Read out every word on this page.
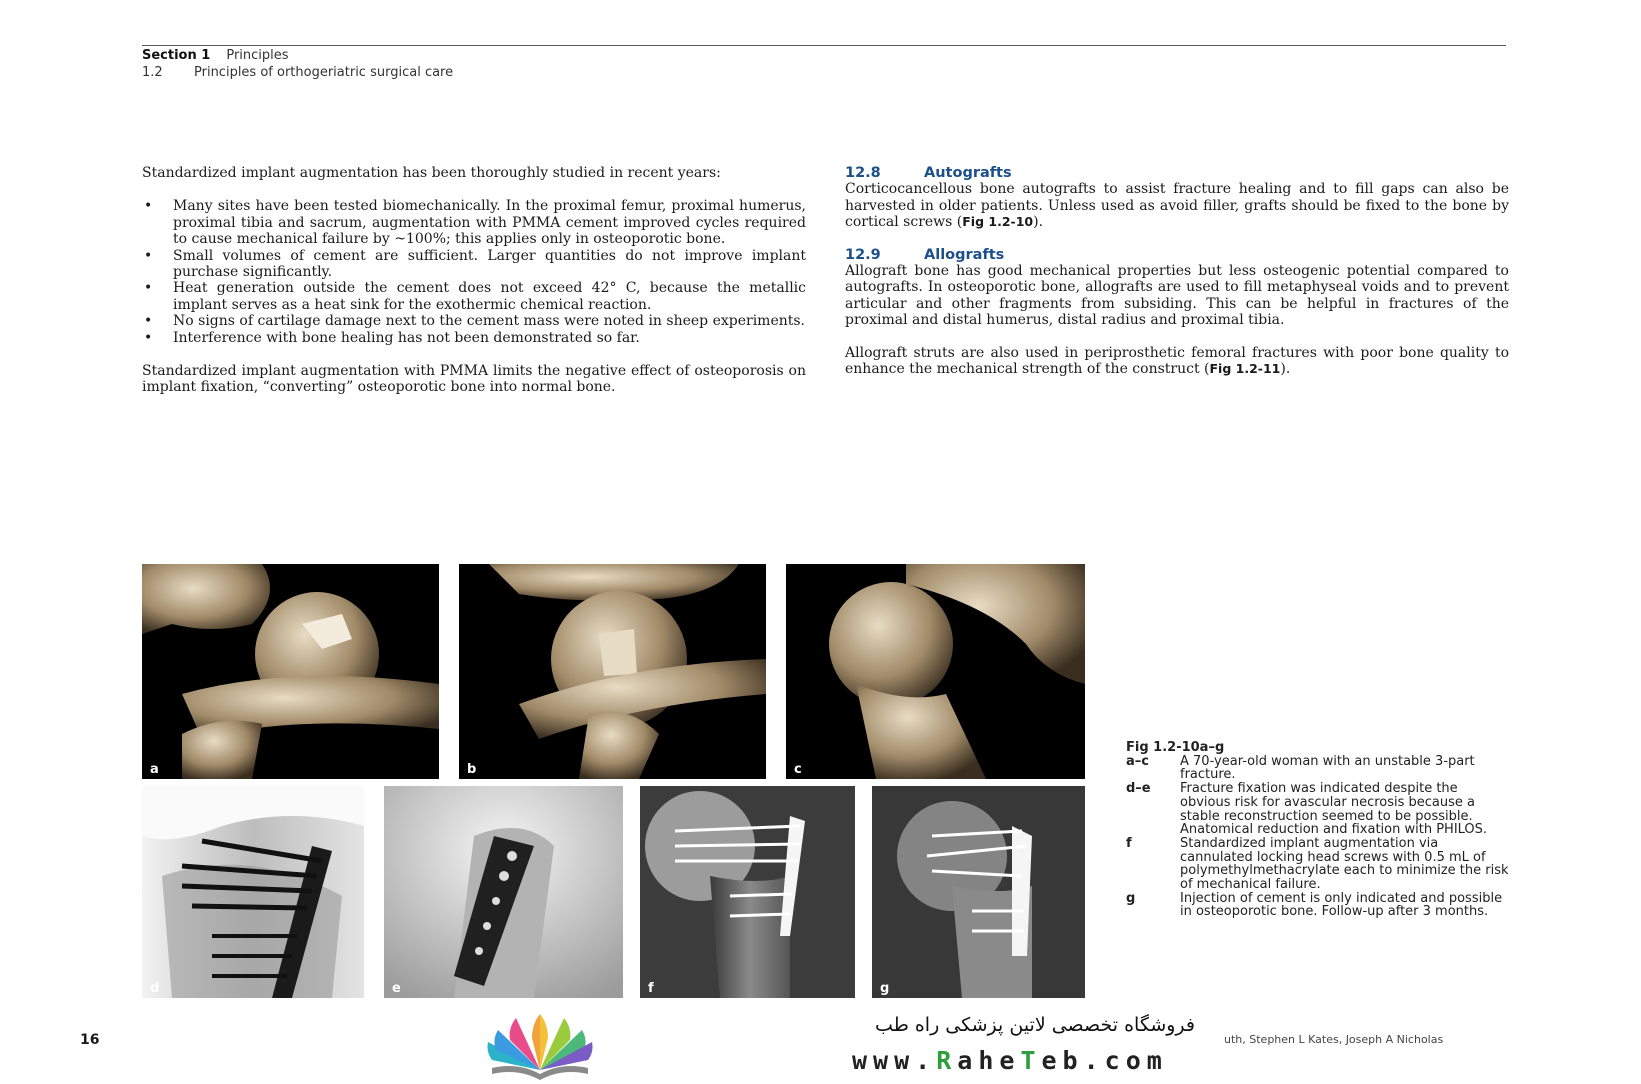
Section 1 Principles
1.2 Principles of orthogeriatric surgical care

Standardized implant augmentation has been thoroughly studied in recent years:

• Many sites have been tested biomechanically. In the proximal femur, proximal humerus, proximal tibia and sacrum, augmentation with PMMA cement improved cycles required to cause mechanical failure by ~100%; this applies only in osteoporotic bone.
• Small volumes of cement are sufficient. Larger quantities do not improve implant purchase significantly.
• Heat generation outside the cement does not exceed 42° C, because the metallic implant serves as a heat sink for the exothermic chemical reaction.
• No signs of cartilage damage next to the cement mass were noted in sheep experiments.
• Interference with bone healing has not been demonstrated so far.

Standardized implant augmentation with PMMA limits the negative effect of osteoporosis on implant fixation, “converting” osteoporotic bone into normal bone.

12.8	Autografts

Corticocancellous bone autografts to assist fracture healing and to fill gaps can also be harvested in older patients. Unless used as avoid filler, grafts should be fixed to the bone by cortical screws (Fig 1.2-10).

12.9	Allografts

Allograft bone has good mechanical properties but less osteogenic potential compared to autografts. In osteoporotic bone, allografts are used to fill metaphyseal voids and to prevent articular and other fragments from subsiding. This can be helpful in fractures of the proximal and distal humerus, distal radius and proximal tibia.

Allograft struts are also used in periprosthetic femoral fractures with poor bone quality to enhance the mechanical strength of the construct (Fig 1.2-11).

a	b	c
d	e	f	g
Fig 1.2-10a–g
a–c	A 70-year-old woman with an unstable 3-part fracture.
d–e	Fracture fixation was indicated despite the obvious risk for avascular necrosis because a stable reconstruction seemed to be possible. Anatomical reduction and fixation with PHILOS.
f	Standardized implant augmentation via cannulated locking head screws with 0.5 mL of polymethylmethacrylate each to minimize the risk of mechanical failure.
g	Injection of cement is only indicated and possible in osteoporotic bone. Follow-up after 3 months.
16
فروشگاه تخصصی لاتین پزشکی راه طب
uth, Stephen L Kates, Joseph A Nicholas
www.RaheTeb.com
